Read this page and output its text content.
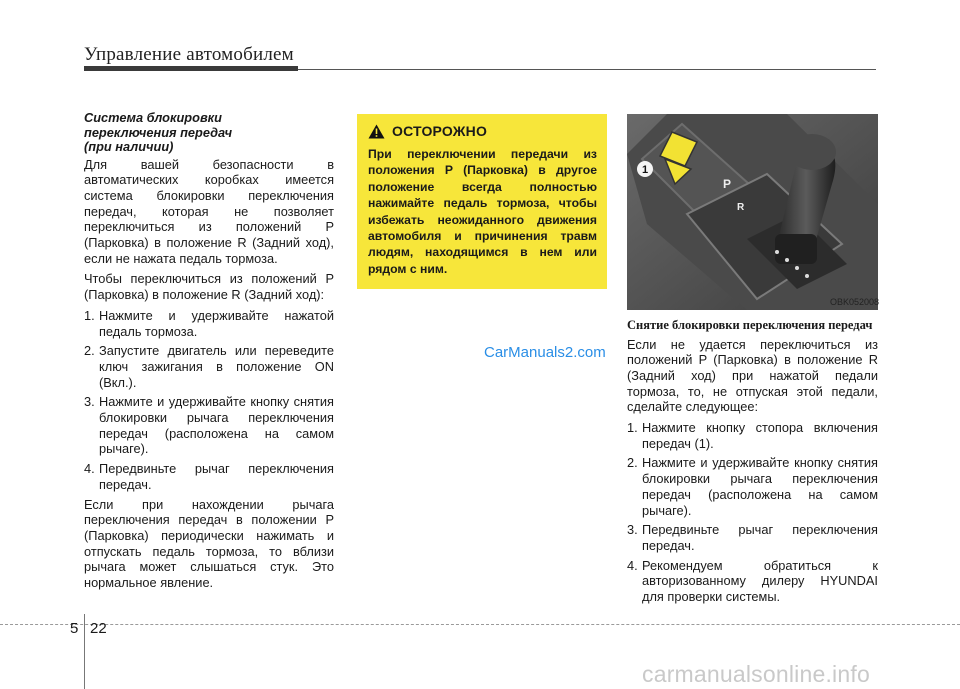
Управление автомобилем
Система блокировки
переключения передач
(при наличии)

Для вашей безопасности в автоматических коробках имеется система блокировки переключения передач, которая не позволяет переключиться из положений P (Парковка) в положение R (Задний ход), если не нажата педаль тормоза.

Чтобы переключиться из положений P (Парковка) в положение R (Задний ход):

1. Нажмите и удерживайте нажатой педаль тормоза.
2. Запустите двигатель или переведите ключ зажигания в положение ON (Вкл.).
3. Нажмите и удерживайте кнопку снятия блокировки рычага переключения передач (расположена на самом рычаге).
4. Передвиньте рычаг переключения передач.

Если при нахождении рычага переключения передач в положении P (Парковка) периодически нажимать и отпускать педаль тормоза, то вблизи рычага может слышаться стук. Это нормальное явление.

ОСТОРОЖНО

При переключении передачи из положения P (Парковка) в другое положение всегда полностью нажимайте педаль тормоза, чтобы избежать неожиданного движения автомобиля и причинения травм людям, находящимся в нем или рядом с ним.

1
P
R
OBK052008
Снятие блокировки переключения передач

Если не удается переключиться из положений P (Парковка) в положение R (Задний ход) при нажатой педали тормоза, то, не отпуская этой педали, сделайте следующее:

1. Нажмите кнопку стопора включения передач (1).
2. Нажмите и удерживайте кнопку снятия блокировки рычага переключения передач (расположена на самом рычаге).
3. Передвиньте рычаг переключения передач.
4. Рекомендуем обратиться к авторизованному дилеру HYUNDAI для проверки системы.
CarManuals2.com
5 22
carmanualsonline.info
